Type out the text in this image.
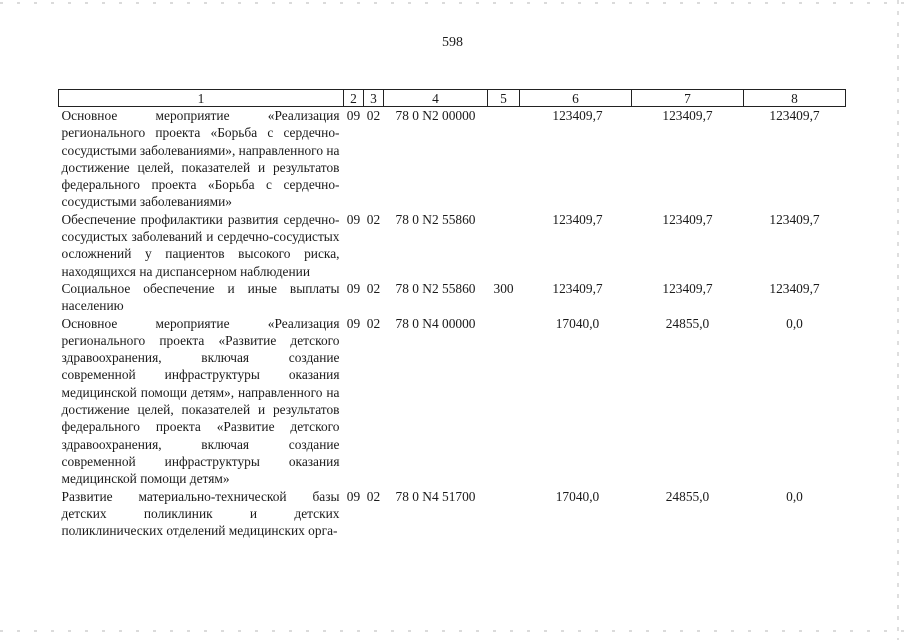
598
1	2	3	4	5	6	7	8
Основное мероприятие «Реализация регионального проекта «Борьба с сердечно-сосудистыми заболеваниями», направленного на достижение целей, показателей и результатов федерального проекта «Борьба с сердечно-сосудистыми заболеваниями»	09	02	78 0 N2 00000		123409,7	123409,7	123409,7
Обеспечение профилактики развития сердечно-сосудистых заболеваний и сердечно-сосудистых осложнений у пациентов высокого риска, находящихся на диспансерном наблюдении	09	02	78 0 N2 55860		123409,7	123409,7	123409,7
Социальное обеспечение и иные выплаты населению	09	02	78 0 N2 55860	300	123409,7	123409,7	123409,7
Основное мероприятие «Реализация регионального проекта «Развитие детского здравоохранения, включая создание современной инфраструктуры оказания медицинской помощи детям», направленного на достижение целей, показателей и результатов федерального проекта «Развитие детского здравоохранения, включая создание современной инфраструктуры оказания медицинской помощи детям»	09	02	78 0 N4 00000		17040,0	24855,0	0,0
Развитие материально-технической базы детских поликлиник и детских поликлинических отделений медицинских орга-	09	02	78 0 N4 51700		17040,0	24855,0	0,0
